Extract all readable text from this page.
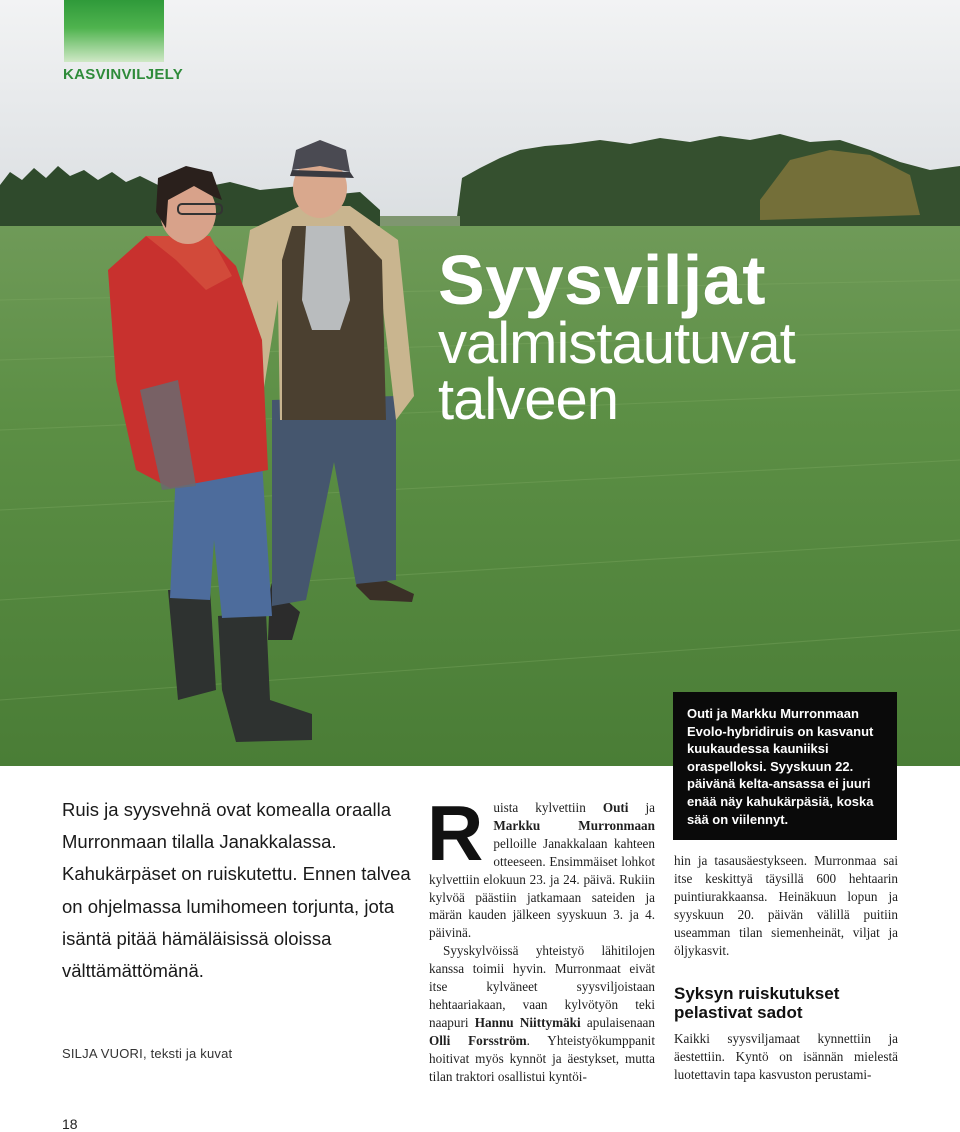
KASVINVILJELY
Syysviljat
valmistautuvat
talveen
Outi ja Markku Murronmaan Evolo-hybridiruis on kasvanut kuukaudessa kauniiksi oraspelloksi. Syyskuun 22. päivänä kelta-ansassa ei juuri enää näy kahukärpäsiä, koska sää on viilennyt.
Ruis ja syysvehnä ovat komealla oraalla Murronmaan tilalla Janakkalassa. Kahukärpäset on ruiskutettu. Ennen talvea on ohjelmassa lumihomeen torjunta, jota isäntä pitää hämäläisissä oloissa välttämättömänä.
SILJA VUORI, teksti ja kuvat

Ruista kylvettiin Outi ja Markku Murronmaan pelloille Janakkalaan kahteen otteeseen. Ensimmäiset lohkot kylvettiin elokuun 23. ja 24. päivä. Rukiin kylvöä päästiin jatkamaan sateiden ja märän kauden jälkeen syyskuun 3. ja 4. päivinä.

Syyskylvöissä yhteistyö lähitilojen kanssa toimii hyvin. Murronmaat eivät itse kylväneet syysviljoistaan hehtaariakaan, vaan kylvötyön teki naapuri Hannu Niittymäki apulaisenaan Olli Forsström. Yhteistyökumppanit hoitivat myös kynnöt ja äestykset, mutta tilan traktori osallistui kyntöi-

hin ja tasausäestykseen. Murronmaa sai itse keskittyä täysillä 600 hehtaarin puintiurakkaansa. Heinäkuun lopun ja syyskuun 20. päivän välillä puitiin useamman tilan siemenheinät, viljat ja öljykasvit.

Syksyn ruiskutukset pelastivat sadot

Kaikki syysviljamaat kynnettiin ja äestettiin. Kyntö on isännän mielestä luotettavin tapa kasvuston perustami-

18
